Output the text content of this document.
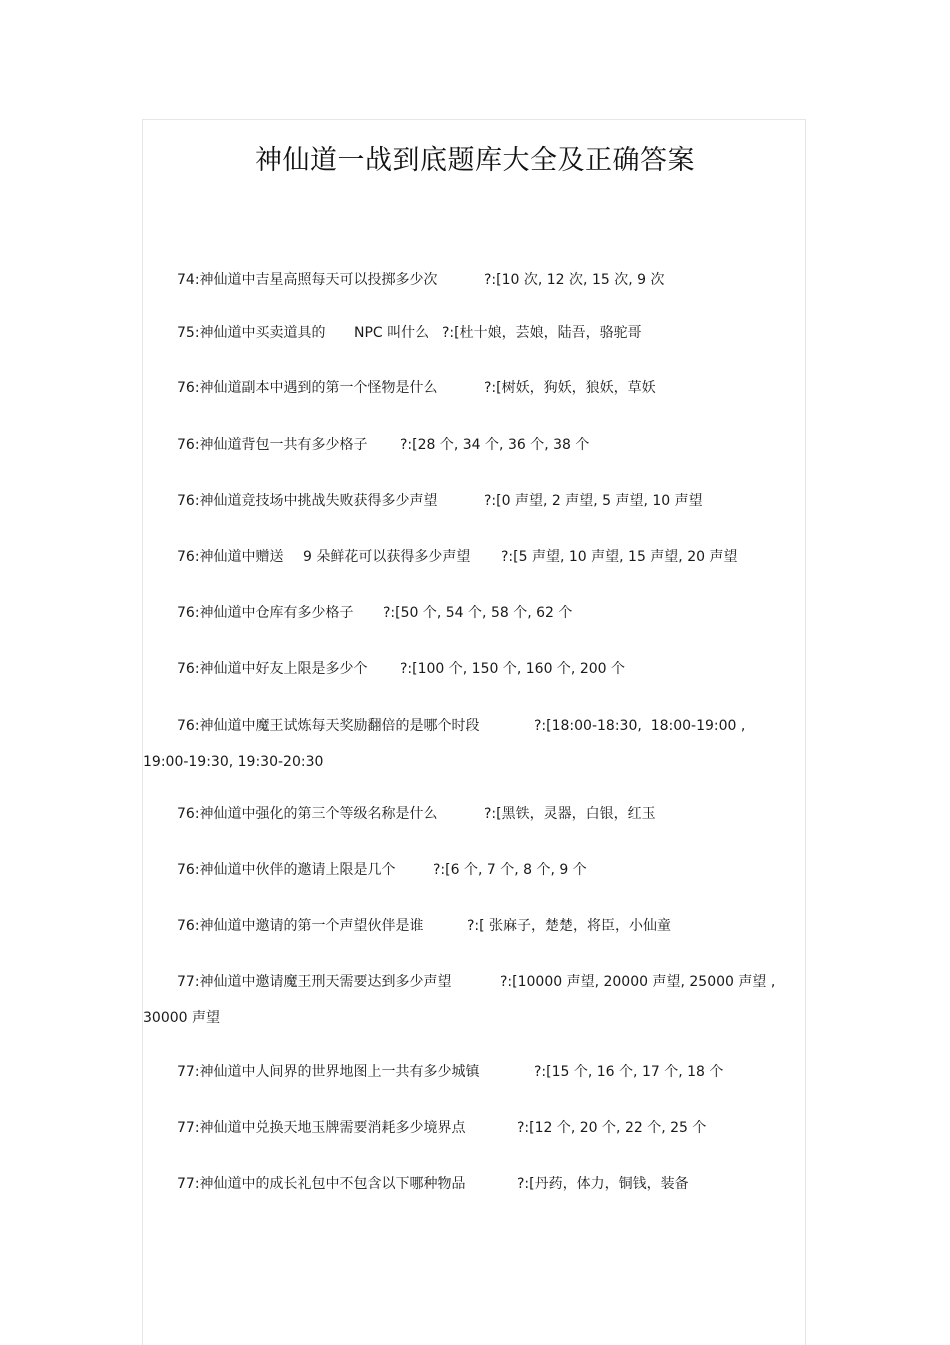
神仙道一战到底题库大全及正确答案
74:神仙道中吉星高照每天可以投掷多少次	?:[10 次, 12 次, 15 次, 9 次
75:神仙道中买卖道具的 NPC 叫什么 ?:[杜十娘，芸娘，陆吾，骆驼哥
76:神仙道副本中遇到的第一个怪物是什么	?:[树妖，狗妖，狼妖，草妖
76:神仙道背包一共有多少格子 ?:[28 个, 34 个, 36 个, 38 个
76:神仙道竞技场中挑战失败获得多少声望	?:[0 声望, 2 声望, 5 声望, 10 声望
76:神仙道中赠送 9 朵鲜花可以获得多少声望 ?:[5 声望, 10 声望, 15 声望, 20 声望
76:神仙道中仓库有多少格子 ?:[50 个, 54 个, 58 个, 62 个
76:神仙道中好友上限是多少个 ?:[100 个, 150 个, 160 个, 200 个
76:神仙道中魔王试炼每天奖励翻倍的是哪个时段	?:[18:00-18:30,  18:00-19:00 ,
19:00-19:30, 19:30-20:30
76:神仙道中强化的第三个等级名称是什么	?:[黑铁，灵器，白银，红玉
76:神仙道中伙伴的邀请上限是几个	?:[6 个, 7 个, 8 个, 9 个
76:神仙道中邀请的第一个声望伙伴是谁	?:[ 张麻子，楚楚，将臣，小仙童
77:神仙道中邀请魔王刑天需要达到多少声望	?:[10000 声望, 20000 声望, 25000 声望 ,
30000 声望
77:神仙道中人间界的世界地图上一共有多少城镇	?:[15 个, 16 个, 17 个, 18 个
77:神仙道中兑换天地玉牌需要消耗多少境界点	?:[12 个, 20 个, 22 个, 25 个
77:神仙道中的成长礼包中不包含以下哪种物品	?:[丹药，体力，铜钱，装备
